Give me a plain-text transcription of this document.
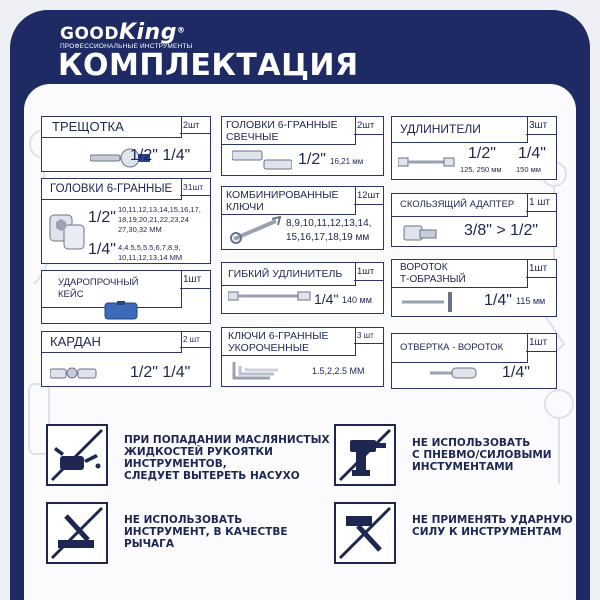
GOODKing®
ПРОФЕССИОНАЛЬНЫЕ ИНСТРУМЕНТЫ
КОМПЛЕКТАЦИЯ
ТРЕЩОТКА	2шт
1/2" 1/4"
ГОЛОВКИ 6-ГРАННЫЕ	31шт
1/2" 10,11,12,13,14,15,16,17,
18,19,20,21,22,23,24
27,30,32 MM
1/4" 4,4.5,5,5.5,6,7,8,9,
10,11,12,13,14 MM
УДАРОПРОЧНЫЙ КЕЙС
1шт
КАРДАН	2 шт
1/2" 1/4"
ГОЛОВКИ 6-ГРАННЫЕ
СВЕЧНЫЕ
2шт
1/2" 16,21 мм
КОМБИНИРОВАННЫЕ
КЛЮЧИ
12шт
8,9,10,11,12,13,14,
15,16,17,18,19 мм
ГИБКИЙ УДЛИНИТЕЛЬ	1шт
1/4" 140 мм
КЛЮЧИ 6-ГРАННЫЕ
УКОРОЧЕННЫЕ
3 шт
1.5,2,2.5 MM
УДЛИНИТЕЛИ	3шт
1/2"
125, 250 мм
1/4"
150 мм
СКОЛЬЗЯЩИЙ АДАПТЕР	1 шт
3/8" > 1/2"
ВОРОТОК
Т-ОБРАЗНЫЙ
1шт
1/4" 115 мм
ОТВЕРТКА - ВОРОТОК	1шт
1/4"
ПРИ ПОПАДАНИИ МАСЛЯНИСТЫХ
ЖИДКОСТЕЙ РУКОЯТКИ
ИНСТРУМЕНТОВ,
СЛЕДУЕТ ВЫТЕРЕТЬ НАСУХО
НЕ ИСПОЛЬЗОВАТЬ
ИНСТРУМЕНТ, В КАЧЕСТВЕ
РЫЧАГА
НЕ ИСПОЛЬЗОВАТЬ
С ПНЕВМО/СИЛОВЫМИ
ИНСТУМЕНТАМИ
НЕ ПРИМЕНЯТЬ УДАРНУЮ
СИЛУ К ИНСТРУМЕНТАМ
